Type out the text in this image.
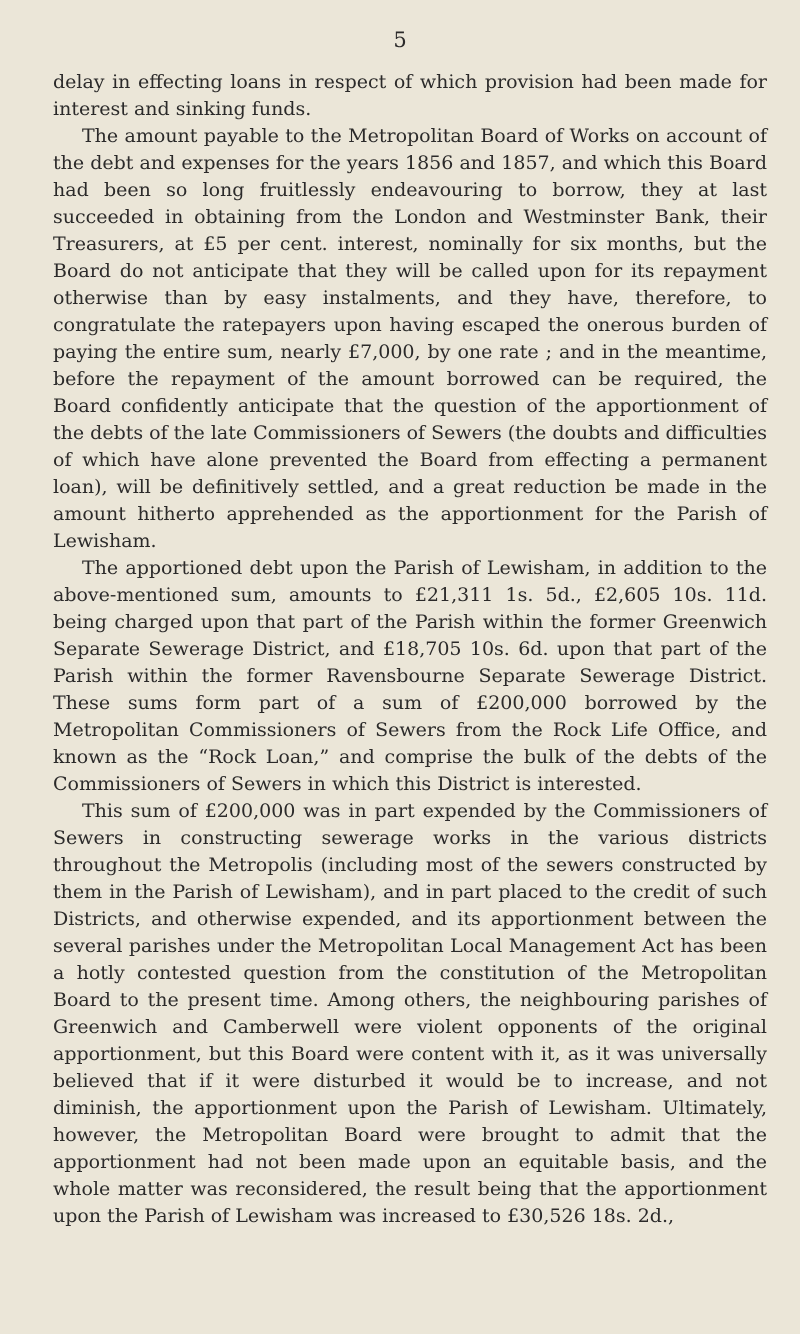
5

delay in effecting loans in respect of which provision had been made for interest and sinking funds.

The amount payable to the Metropolitan Board of Works on account of the debt and expenses for the years 1856 and 1857, and which this Board had been so long fruitlessly endeavouring to borrow, they at last succeeded in obtaining from the London and Westminster Bank, their Treasurers, at £5 per cent. interest, nominally for six months, but the Board do not anticipate that they will be called upon for its repayment otherwise than by easy instalments, and they have, therefore, to congratulate the ratepayers upon having escaped the onerous burden of paying the entire sum, nearly £7,000, by one rate ; and in the meantime, before the repayment of the amount borrowed can be required, the Board confidently anticipate that the question of the apportionment of the debts of the late Commissioners of Sewers (the doubts and difficulties of which have alone prevented the Board from effecting a permanent loan), will be definitively settled, and a great reduction be made in the amount hitherto apprehended as the apportionment for the Parish of Lewisham.

The apportioned debt upon the Parish of Lewisham, in addition to the above-mentioned sum, amounts to £21,311 1s. 5d., £2,605 10s. 11d. being charged upon that part of the Parish within the former Greenwich Separate Sewerage District, and £18,705 10s. 6d. upon that part of the Parish within the former Ravensbourne Separate Sewerage District. These sums form part of a sum of £200,000 borrowed by the Metropolitan Commissioners of Sewers from the Rock Life Office, and known as the “Rock Loan,” and comprise the bulk of the debts of the Commissioners of Sewers in which this District is interested.

This sum of £200,000 was in part expended by the Commissioners of Sewers in constructing sewerage works in the various districts throughout the Metropolis (including most of the sewers constructed by them in the Parish of Lewisham), and in part placed to the credit of such Districts, and otherwise expended, and its apportionment between the several parishes under the Metropolitan Local Management Act has been a hotly contested question from the constitution of the Metropolitan Board to the present time. Among others, the neighbouring parishes of Greenwich and Camberwell were violent opponents of the original apportionment, but this Board were content with it, as it was universally believed that if it were disturbed it would be to increase, and not diminish, the apportionment upon the Parish of Lewisham. Ultimately, however, the Metropolitan Board were brought to admit that the apportionment had not been made upon an equitable basis, and the whole matter was reconsidered, the result being that the apportionment upon the Parish of Lewisham was increased to £30,526 18s. 2d.,
